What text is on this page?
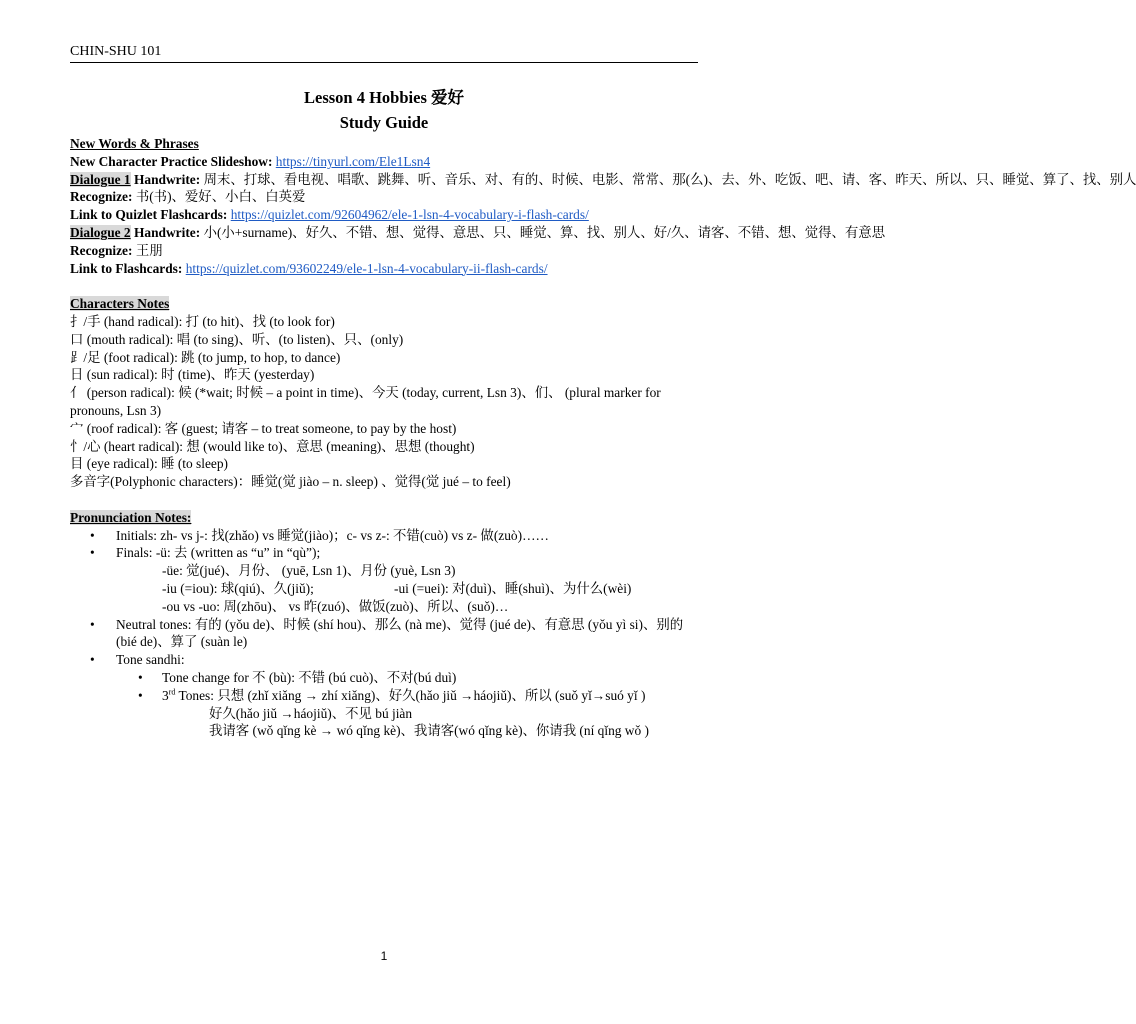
CHIN-SHU 101
Lesson 4 Hobbies 爱好
Study Guide
New Words & Phrases
New Character Practice Slideshow: https://tinyurl.com/Ele1Lsn4
Dialogue 1 Handwrite: 周末、打球、看电视、唱歌、跳舞、听、音乐、对、有的、时候、电影、常常、那(么)、去、外、吃饭、吧、请、客、昨天、所以、只、睡觉、算了、找、别人
Recognize: 书(书)、爱好、小白、白英爱
Link to Quizlet Flashcards: https://quizlet.com/92604962/ele-1-lsn-4-vocabulary-i-flash-cards/
Dialogue 2 Handwrite: 小(小+surname)、好久、不错、想、觉得、意思、只、睡觉、算、找、别人、好/久、请客、不错、想、觉得、有意思
Recognize: 王朋
Link to Flashcards: https://quizlet.com/93602249/ele-1-lsn-4-vocabulary-ii-flash-cards/
Characters Notes
扌/手 (hand radical): 打 (to hit)、找 (to look for)
口 (mouth radical): 唱 (to sing)、听、(to listen)、只、(only)
⻊/足 (foot radical): 跳 (to jump, to hop, to dance)
日 (sun radical): 时 (time)、昨天 (yesterday)
亻 (person radical): 候 (*wait; 时候 – a point in time)、今天 (today, current, Lsn 3)、们、 (plural marker for pronouns, Lsn 3)
宀 (roof radical): 客 (guest; 请客 – to treat someone, to pay by the host)
忄/心 (heart radical): 想 (would like to)、意思 (meaning)、思想 (thought)
目 (eye radical): 睡 (to sleep)
多音字(Polyphonic characters)：睡觉(觉 jiào – n. sleep) 、觉得(觉 jué – to feel)
Pronunciation Notes:
• Initials: zh- vs j-: 找(zhǎo) vs 睡觉(jiào)；c- vs z-: 不错(cuò) vs z- 做(zuò)……
• Finals: -ü: 去 (written as “u” in “qù”);
-üe: 觉(jué)、月份、 (yuē, Lsn 1)、月份 (yuè, Lsn 3)
-iu (=iou): 球(qiú)、久(jiǔ);	-ui (=uei): 对(duì)、睡(shuì)、为什么(wèi)
-ou vs -uo: 周(zhōu)、 vs 昨(zuó)、做饭(zuò)、所以、(suǒ)…
• Neutral tones: 有的 (yǒu de)、时候 (shí hou)、那么 (nà me)、觉得 (jué de)、有意思 (yǒu yì si)、别的 (bié de)、算了 (suàn le)
• Tone sandhi:
• Tone change for 不 (bù): 不错 (bú cuò)、不对(bú duì)
• 3rd Tones: 只想 (zhǐ xiǎng → zhí xiǎng)、好久(hǎo jiǔ →háojiǔ)、所以 (suǒ yǐ→suó yǐ )
好久(hǎo jiǔ →háojiǔ)、不见 bú jiàn
我请客 (wǒ qǐng kè → wó qǐng kè)、我请客(wó qǐng kè)、你请我 (ní qǐng wǒ )
1
